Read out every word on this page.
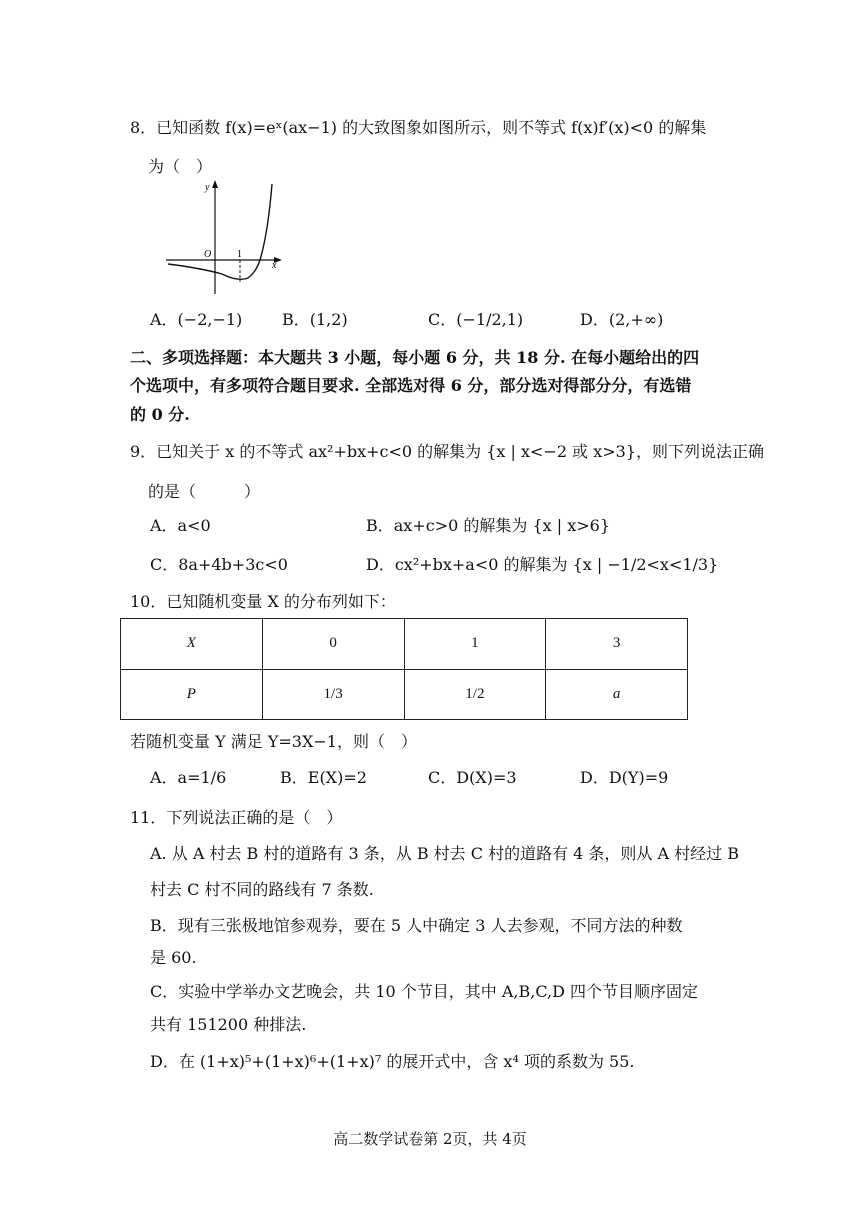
8．已知函数 f(x)=eˣ(ax−1) 的大致图象如图所示，则不等式 f(x)f′(x)<0 的解集
为（　）
y
O	1
x
A．(−2,−1) B．(1,2)	C．(−1/2,1)	D．(2,+∞)
二、多项选择题：本大题共 3 小题，每小题 6 分，共 18 分. 在每小题给出的四
个选项中，有多项符合题目要求. 全部选对得 6 分，部分选对得部分分，有选错
的 0 分.
9．已知关于 x 的不等式 ax²+bx+c<0 的解集为 {x | x<−2 或 x>3}，则下列说法正确
的是（　　　）
A．a<0	B．ax+c>0 的解集为 {x | x>6}
C．8a+4b+3c<0	D．cx²+bx+a<0 的解集为 {x | −1/2<x<1/3}
10．已知随机变量 X 的分布列如下：
X	0	1	3
P	1/3	1/2	a
若随机变量 Y 满足 Y=3X−1，则（　）
A．a=1/6	B．E(X)=2	C．D(X)=3	D．D(Y)=9
11．下列说法正确的是（　）
A. 从 A 村去 B 村的道路有 3 条，从 B 村去 C 村的道路有 4 条，则从 A 村经过 B
村去 C 村不同的路线有 7 条数.
B．现有三张极地馆参观券，要在 5 人中确定 3 人去参观，不同方法的种数
是 60.
C．实验中学举办文艺晚会，共 10 个节目，其中 A,B,C,D 四个节目顺序固定
共有 151200 种排法.
D．在 (1+x)⁵+(1+x)⁶+(1+x)⁷ 的展开式中，含 x⁴ 项的系数为 55.
高二数学试卷第 2页，共 4页
